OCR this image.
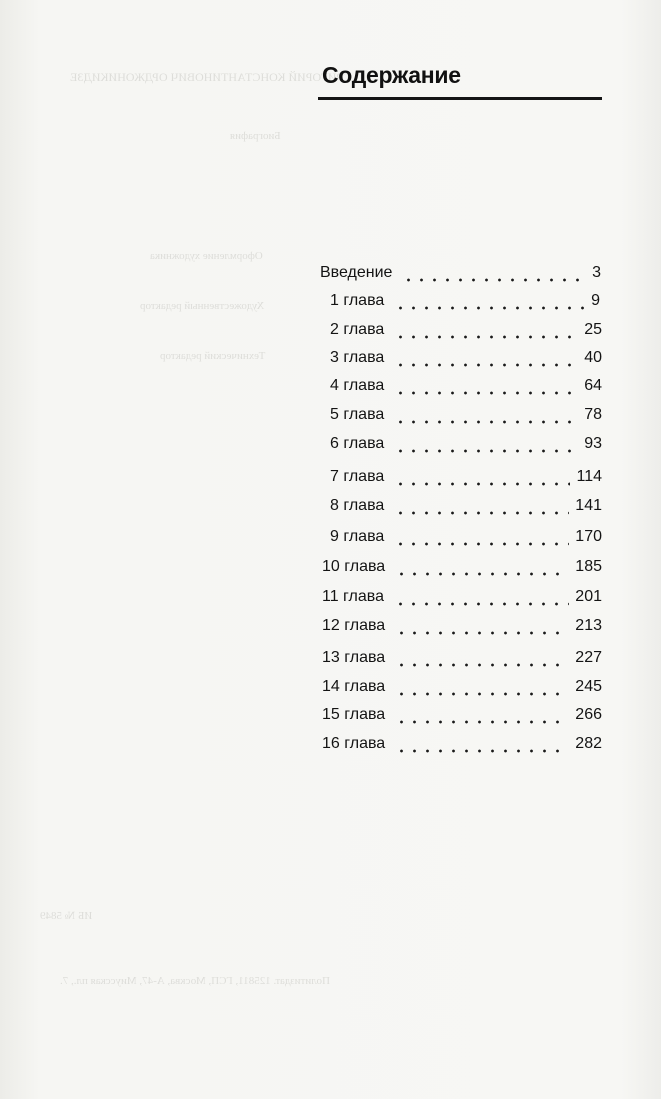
ГРИГОРИЙ КОНСТАНТИНОВИЧ ОРДЖОНИКИДЗЕ
Биография
Оформление художника
Художественный редактор
Технический редактор
ИБ № 5849
Политиздат. 125811, ГСП, Москва, А-47, Миусская пл., 7.
Содержание
Введение	3
1 глава	9
2 глава	25
3 глава	40
4 глава	64
5 глава	78
6 глава	93
7 глава	114
8 глава	141
9 глава	170
10 глава	185
11 глава	201
12 глава	213
13 глава	227
14 глава	245
15 глава	266
16 глава	282
